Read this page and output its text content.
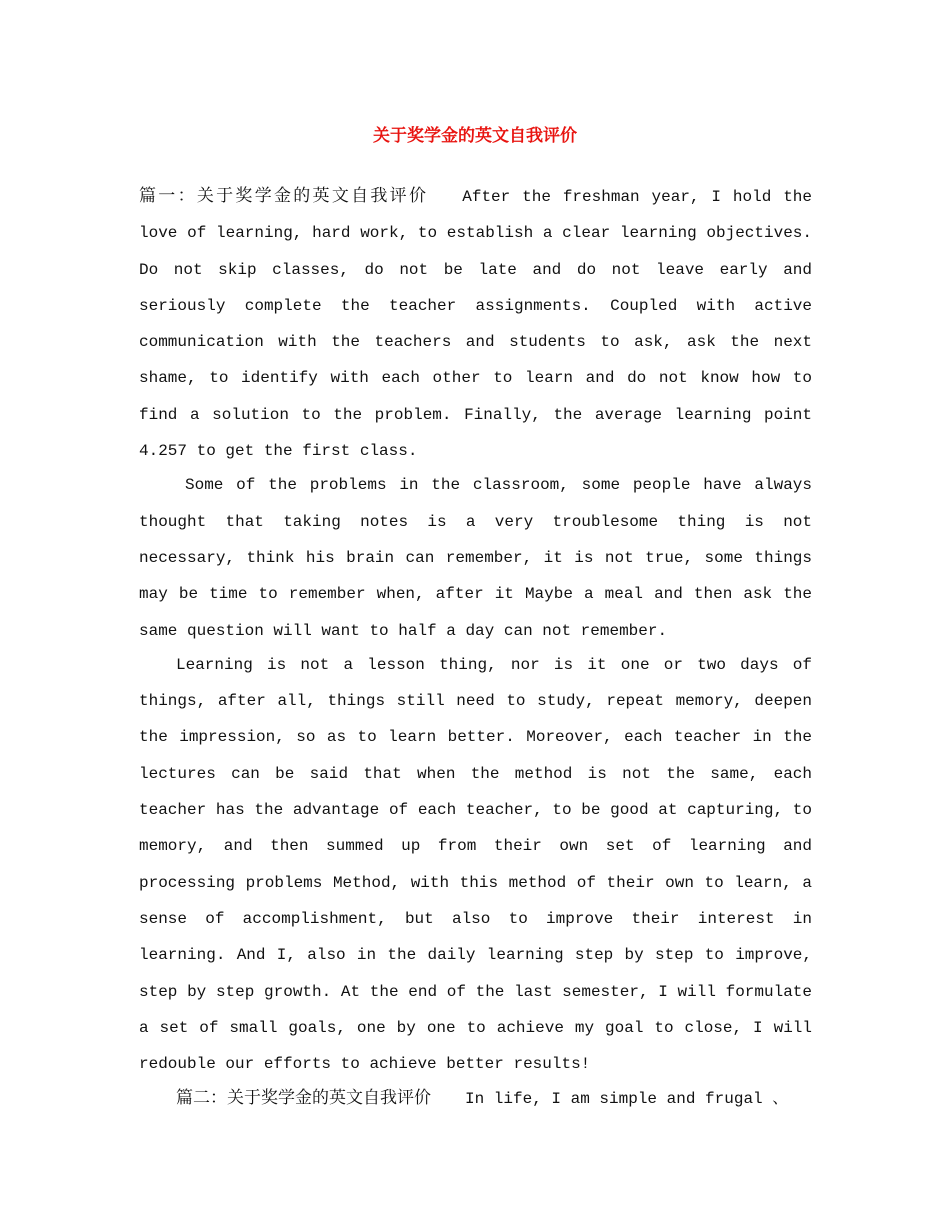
关于奖学金的英文自我评价

篇一：关于奖学金的英文自我评价 After the freshman year, I hold the love of learning, hard work, to establish a clear learning objectives. Do not skip classes, do not be late and do not leave early and seriously complete the teacher assignments. Coupled with active communication with the teachers and students to ask, ask the next shame, to identify with each other to learn and do not know how to find a solution to the problem. Finally, the average learning point 4.257 to get the first class.

Some of the problems in the classroom, some people have always thought that taking notes is a very troublesome thing is not necessary, think his brain can remember, it is not true, some things may be time to remember when, after it Maybe a meal and then ask the same question will want to half a day can not remember.

Learning is not a lesson thing, nor is it one or two days of things, after all, things still need to study, repeat memory, deepen the impression, so as to learn better. Moreover, each teacher in the lectures can be said that when the method is not the same, each teacher has the advantage of each teacher, to be good at capturing, to memory, and then summed up from their own set of learning and processing problems Method, with this method of their own to learn, a sense of accomplishment, but also to improve their interest in learning. And I, also in the daily learning step by step to improve, step by step growth. At the end of the last semester, I will formulate a set of small goals, one by one to achieve my goal to close, I will redouble our efforts to achieve better results!

篇二：关于奖学金的英文自我评价 In life, I am simple and frugal 、
